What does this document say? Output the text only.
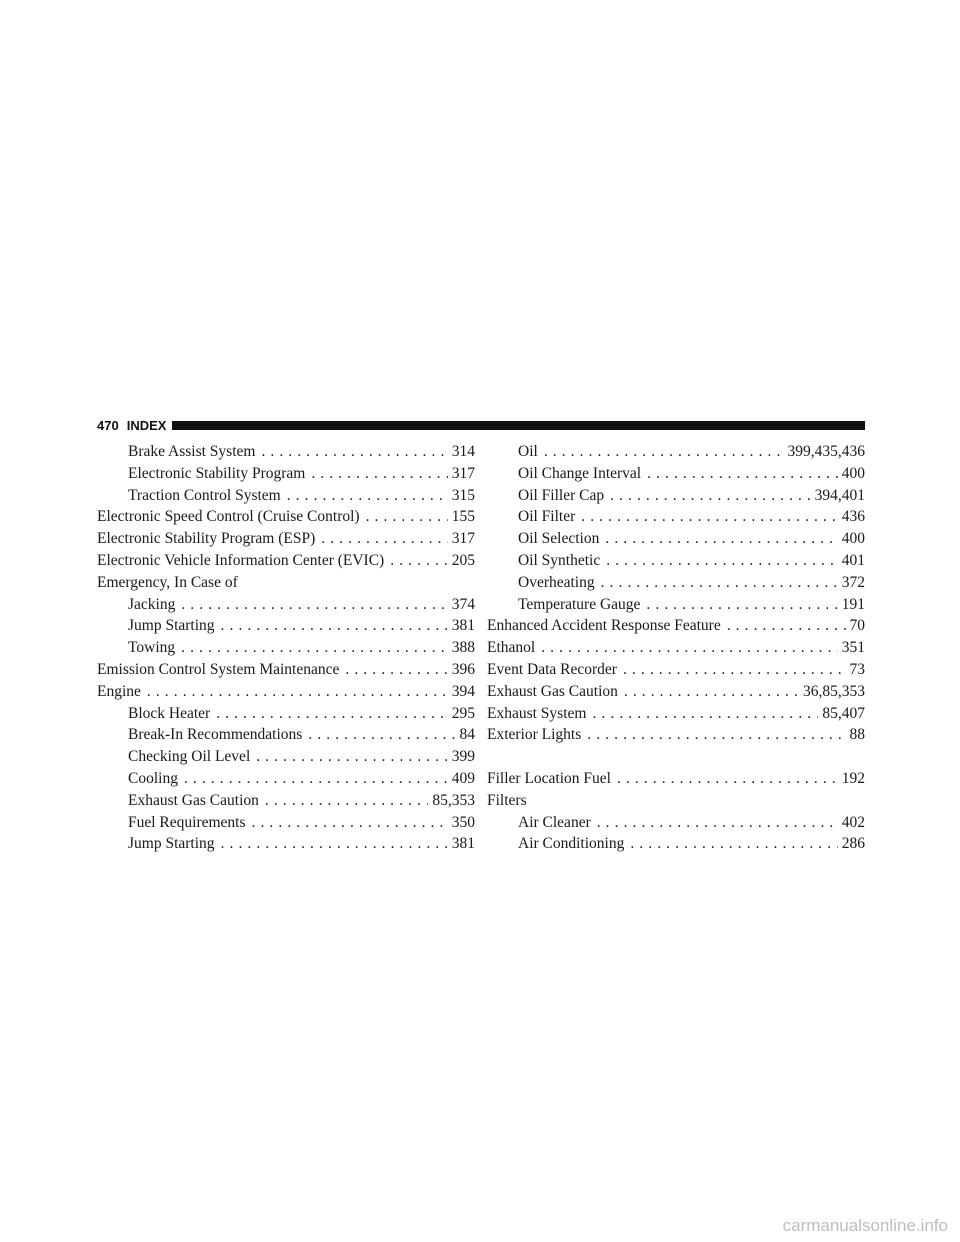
470 INDEX
Brake Assist System . . .	314
Electronic Stability Program . . .	317
Traction Control System . . .	315
Electronic Speed Control (Cruise Control) . . .	155
Electronic Stability Program (ESP) . . .	317
Electronic Vehicle Information Center (EVIC) . . .	205
Emergency, In Case of
Jacking . . .	374
Jump Starting . . .	381
Towing . . .	388
Emission Control System Maintenance . . .	396
Engine . . .	394
Block Heater . . .	295
Break-In Recommendations . . .	84
Checking Oil Level . . .	399
Cooling . . .	409
Exhaust Gas Caution . . .	85,353
Fuel Requirements . . .	350
Jump Starting . . .	381
Oil . . .	399,435,436
Oil Change Interval . . .	400
Oil Filler Cap . . .	394,401
Oil Filter . . .	436
Oil Selection . . .	400
Oil Synthetic . . .	401
Overheating . . .	372
Temperature Gauge . . .	191
Enhanced Accident Response Feature . . .	70
Ethanol . . .	351
Event Data Recorder . . .	73
Exhaust Gas Caution . . .	36,85,353
Exhaust System . . .	85,407
Exterior Lights . . .	88
Filler Location Fuel . . .	192
Filters
Air Cleaner . . .	402
Air Conditioning . . .	286
carmanualsonline.info
